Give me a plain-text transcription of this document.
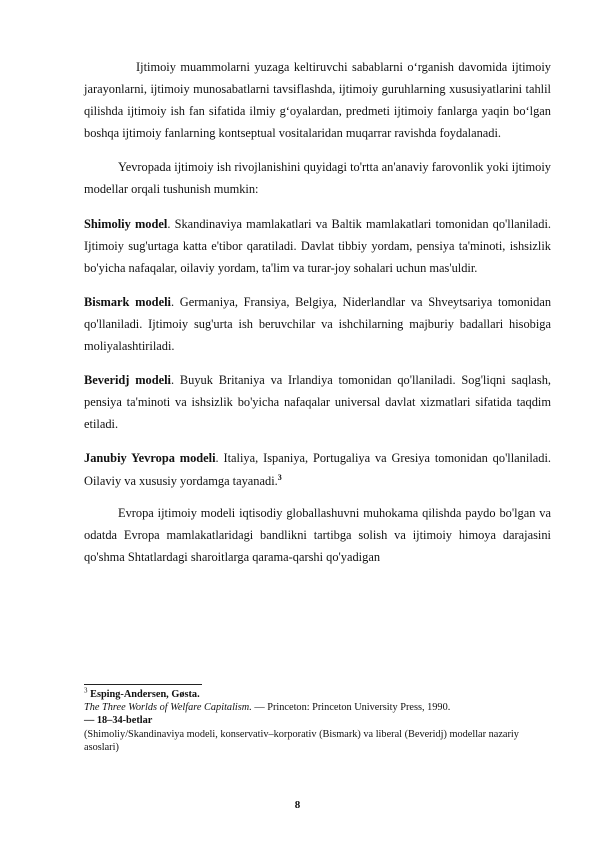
Ijtimoiy muammolarni yuzaga keltiruvchi sabablarni oʻrganish davomida ijtimoiy jarayonlarni, ijtimoiy munosabatlarni tavsiflashda, ijtimoiy guruhlarning xususiyatlarini tahlil qilishda ijtimoiy ish fan sifatida ilmiy gʻoyalardan, predmeti ijtimoiy fanlarga yaqin boʻlgan boshqa ijtimoiy fanlarning kontseptual vositalaridan muqarrar ravishda foydalanadi.

Yevropada ijtimoiy ish rivojlanishini quyidagi to'rtta an'anaviy farovonlik yoki ijtimoiy modellar orqali tushunish mumkin:

Shimoliy model. Skandinaviya mamlakatlari va Baltik mamlakatlari tomonidan qo'llaniladi. Ijtimoiy sug'urtaga katta e'tibor qaratiladi. Davlat tibbiy yordam, pensiya ta'minoti, ishsizlik bo'yicha nafaqalar, oilaviy yordam, ta'lim va turar-joy sohalari uchun mas'uldir.

Bismark modeli. Germaniya, Fransiya, Belgiya, Niderlandlar va Shveytsariya tomonidan qo'llaniladi. Ijtimoiy sug'urta ish beruvchilar va ishchilarning majburiy badallari hisobiga moliyalashtiriladi.

Beveridj modeli. Buyuk Britaniya va Irlandiya tomonidan qo'llaniladi. Sog'liqni saqlash, pensiya ta'minoti va ishsizlik bo'yicha nafaqalar universal davlat xizmatlari sifatida taqdim etiladi.

Janubiy Yevropa modeli. Italiya, Ispaniya, Portugaliya va Gresiya tomonidan qo'llaniladi. Oilaviy va xususiy yordamga tayanadi.$^3$

Evropa ijtimoiy modeli iqtisodiy globallashuvni muhokama qilishda paydo bo'lgan va odatda Evropa mamlakatlaridagi bandlikni tartibga solish va ijtimoiy himoya darajasini qo'shma Shtatlardagi sharoitlarga qarama-qarshi qo'yadigan

$^3$ Esping-Andersen, Gøsta.
The Three Worlds of Welfare Capitalism. — Princeton: Princeton University Press, 1990.
— 18–34-betlar
(Shimoliy/Skandinaviya modeli, konservativ–korporativ (Bismark) va liberal (Beveridj) modellar nazariy asoslari)
8
